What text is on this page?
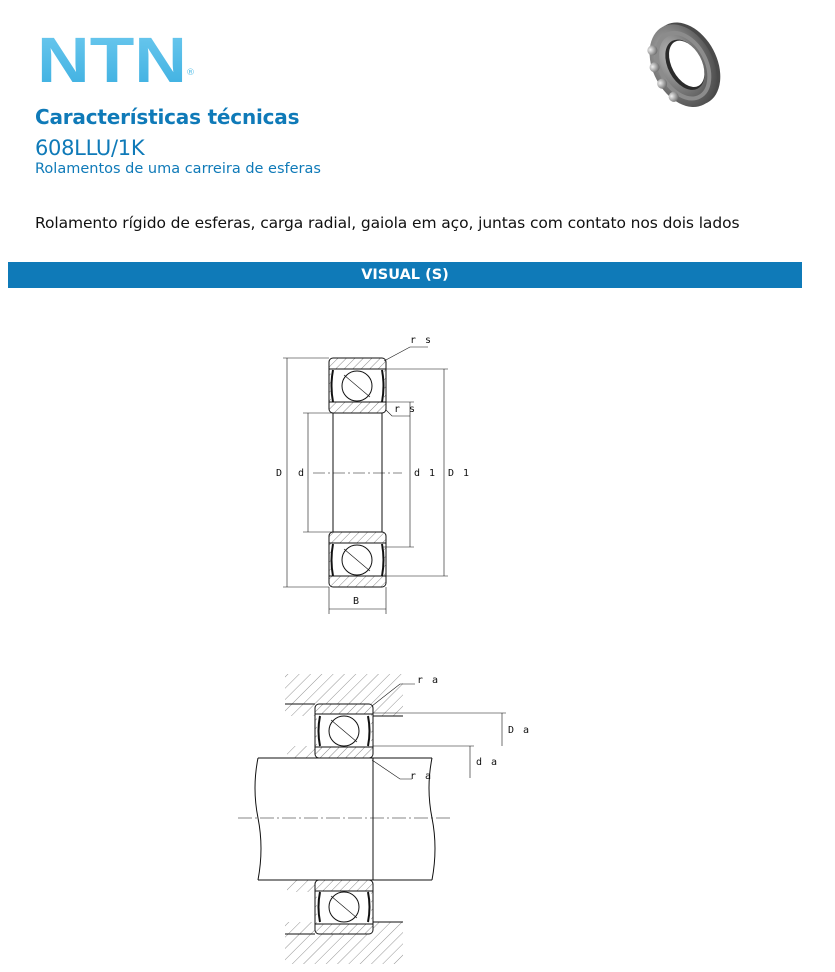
NTN ®
Características técnicas

608LLU/1K

Rolamentos de uma carreira de esferas

Rolamento rígido de esferas, carga radial, gaiola em aço, juntas com contato nos dois lados

VISUAL (S)
r s
r s
D d	d 1 D 1
B
r a
r a
D a
d a
